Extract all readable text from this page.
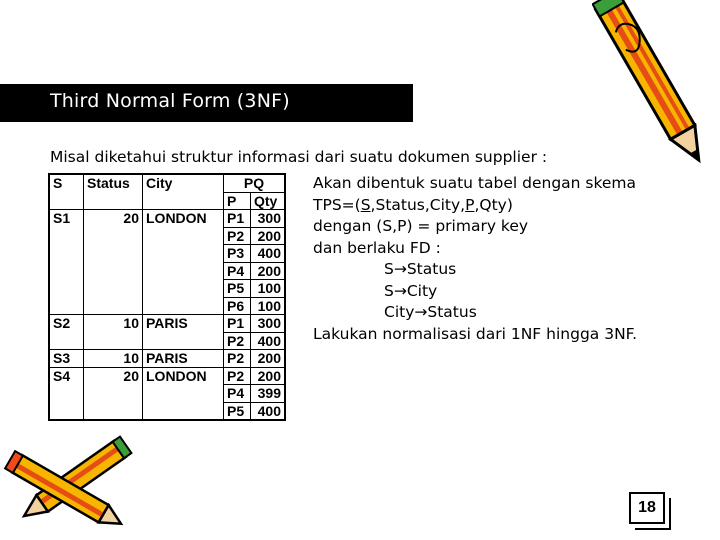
Third Normal Form (3NF)
Misal diketahui struktur informasi dari suatu dokumen supplier :
S	Status	City	PQ	
			P	Qty
S1	20	LONDON	P1	300
			P2	200
			P3	400
			P4	200
			P5	100
			P6	100
S2	10	PARIS	P1	300
			P2	400
S3	10	PARIS	P2	200
S4	20	LONDON	P2	200
			P4	399
			P5	400
Akan dibentuk suatu tabel dengan skema
TPS=(S,Status,City,P,Qty)
dengan (S,P) = primary key
dan berlaku FD :
S→Status
S→City
City→Status
Lakukan normalisasi dari 1NF hingga 3NF.
18
